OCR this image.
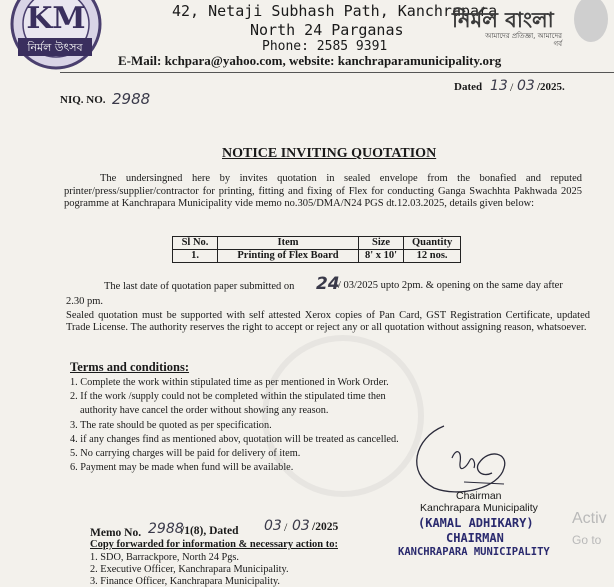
KM
নির্মল উৎসব
42, Netaji Subhash Path, Kanchrapara
North 24 Parganas
Phone: 2585 9391
E-Mail: kchpara@yahoo.com, website: kanchraparamunicipality.org
নির্মল বাংলা
আমাদের প্রতিজ্ঞা, আমাদের গর্ব
NIQ. NO. 2988
Dated 13 / 03 /2025.
NOTICE INVITING QUOTATION
The undersingned here by invites quotation in sealed envelope from the bonafied and reputed printer/press/supplier/contractor for printing, fitting and fixing of Flex for conducting Ganga Swachhta Pakhwada 2025 pogramme at Kanchrapara Municipality vide memo no.305/DMA/N24 PGS dt.12.03.2025, details given below:
Sl No.	Item	Size	Quantity
1.	Printing of Flex Board	8' x 10'	12 nos.
The last date of quotation paper submitted on 24
/ 03/2025 upto 2pm. & opening on the same day after
2.30 pm.

Sealed quotation must be supported with self attested Xerox copies of Pan Card, GST Registration Certificate, updated Trade License. The authority reserves the right to accept or reject any or all quotation without assigning reason, whatsoever.
Terms and conditions:
1. Complete the work within stipulated time as per mentioned in Work Order.
2. If the work /supply could not be completed within the stipulated time then
authority have cancel the order without showing any reason.
3. The rate should be quoted as per specification.
4. if any changes find as mentioned abov, quotation will be treated as cancelled.
5. No carrying charges will be paid for delivery of item.
6. Payment may be made when fund will be available.
Chairman
Kanchrapara Municipality
(KAMAL ADHIKARY)
CHAIRMAN
KANCHRAPARA MUNICIPALITY
Memo No. 2988
/1(8), Dated 03 / 03 /2025
Copy forwarded for information & necessary action to:
1. SDO, Barrackpore, North 24 Pgs.
2. Executive Officer, Kanchrapara Municipality.
3. Finance Officer, Kanchrapara Municipality.
Activ
Go to
